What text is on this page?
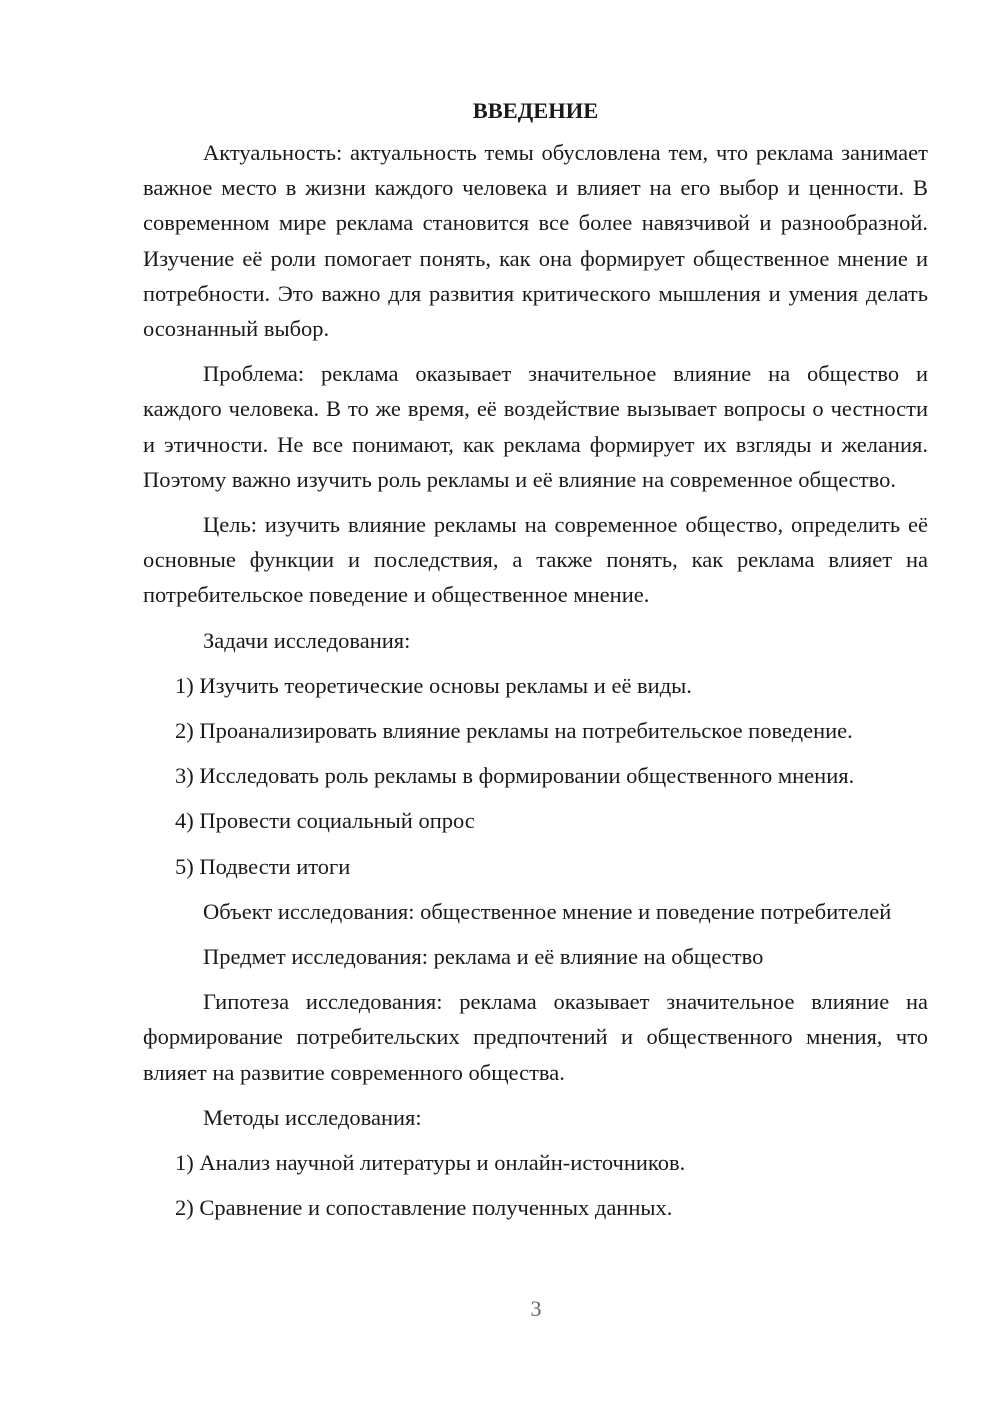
ВВЕДЕНИЕ

Актуальность: актуальность темы обусловлена тем, что реклама занимает важное место в жизни каждого человека и влияет на его выбор и ценности. В современном мире реклама становится все более навязчивой и разнообразной. Изучение её роли помогает понять, как она формирует общественное мнение и потребности. Это важно для развития критического мышления и умения делать осознанный выбор.

Проблема: реклама оказывает значительное влияние на общество и каждого человека. В то же время, её воздействие вызывает вопросы о честности и этичности. Не все понимают, как реклама формирует их взгляды и желания. Поэтому важно изучить роль рекламы и её влияние на современное общество.

Цель: изучить влияние рекламы на современное общество, определить её основные функции и последствия, а также понять, как реклама влияет на потребительское поведение и общественное мнение.

Задачи исследования:

1) Изучить теоретические основы рекламы и её виды.
2) Проанализировать влияние рекламы на потребительское поведение.
3) Исследовать роль рекламы в формировании общественного мнения.
4) Провести социальный опрос
5) Подвести итоги

Объект исследования: общественное мнение и поведение потребителей

Предмет исследования: реклама и её влияние на общество

Гипотеза исследования: реклама оказывает значительное влияние на формирование потребительских предпочтений и общественного мнения, что влияет на развитие современного общества.

Методы исследования:

1) Анализ научной литературы и онлайн-источников.
2) Сравнение и сопоставление полученных данных.
3
